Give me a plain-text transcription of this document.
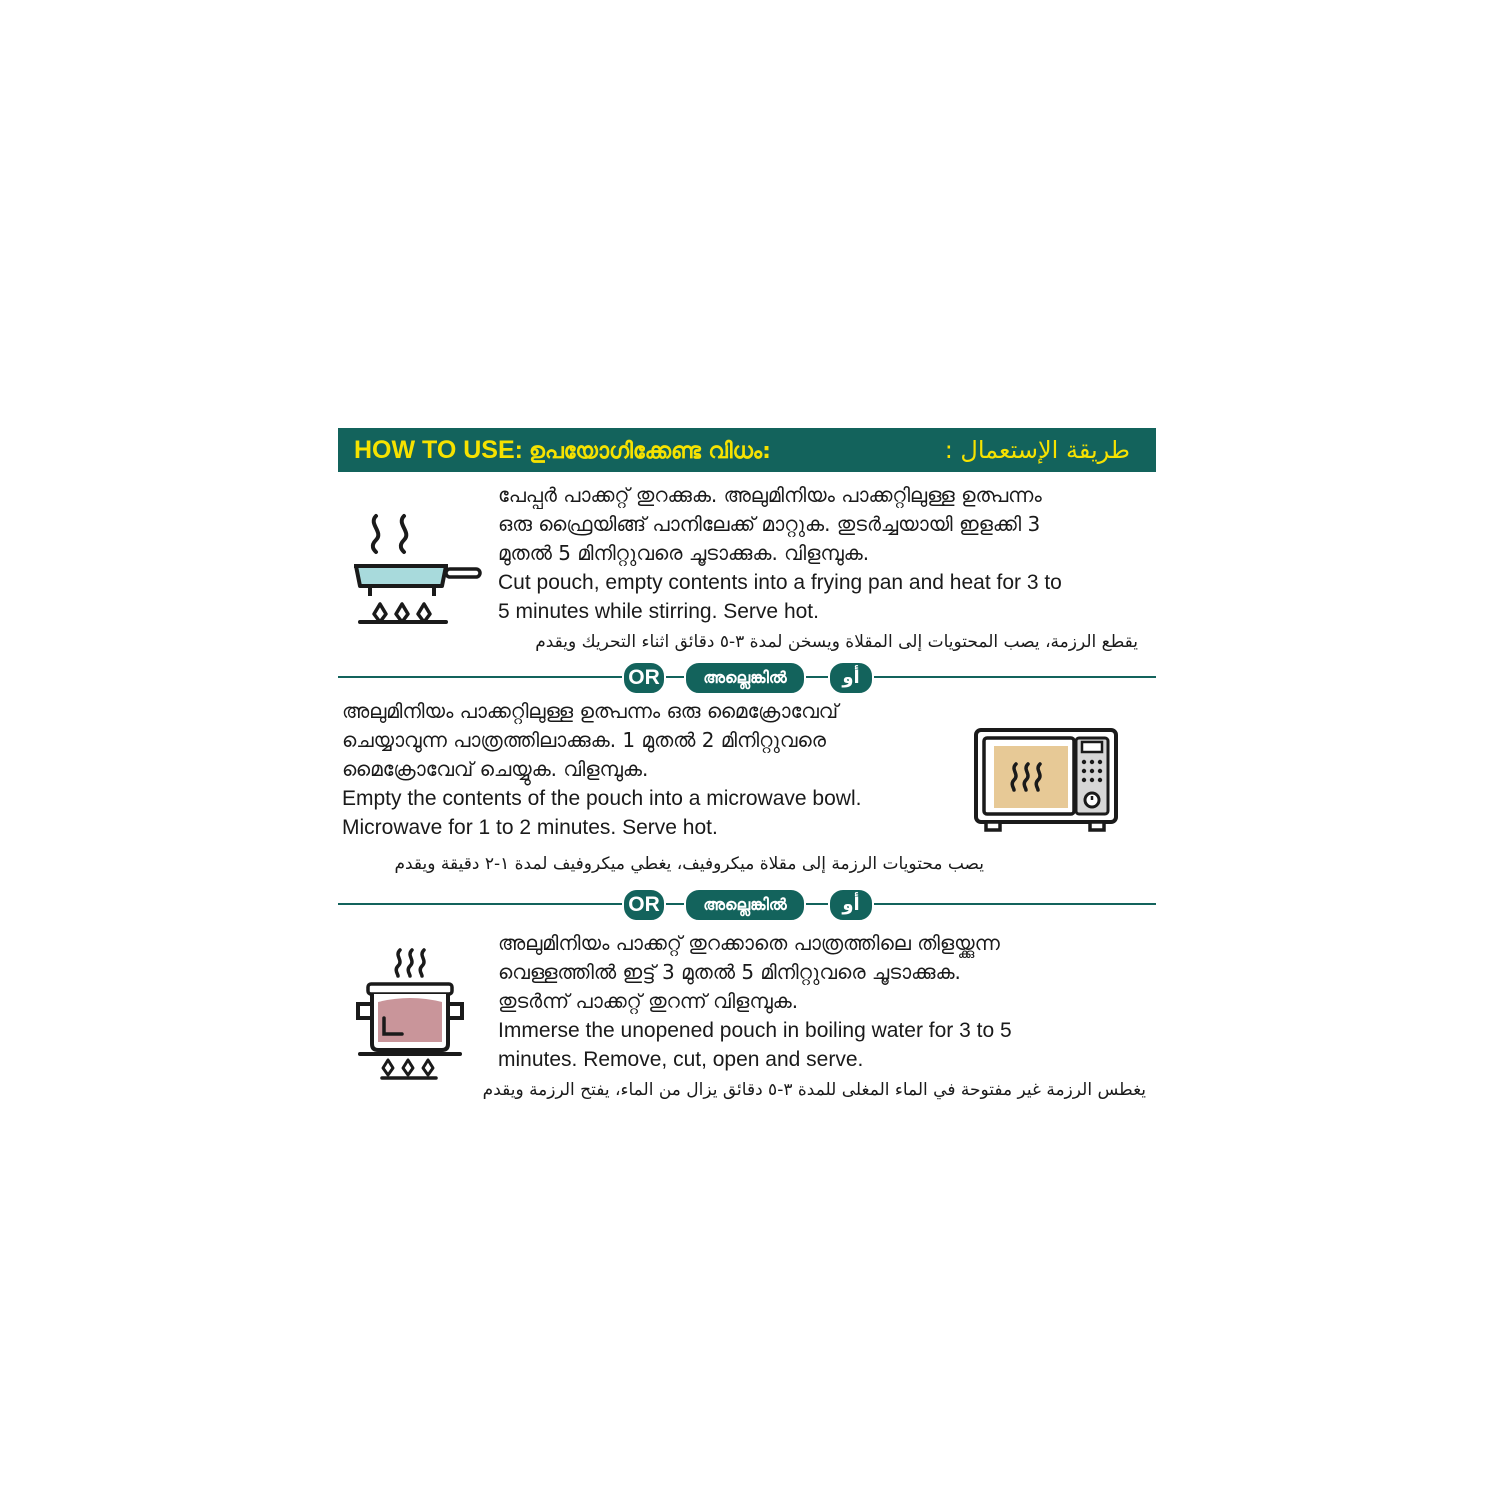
HOW TO USE: ഉപയോഗിക്കേണ്ട വിധം:	طريقة الإستعمال :
പേപ്പർ പാക്കറ്റ് തുറക്കുക. അലുമിനിയം പാക്കറ്റിലുള്ള ഉത്പന്നം
ഒരു ഫ്രൈയിങ്ങ് പാനിലേക്ക് മാറ്റുക. തുടർച്ചയായി ഇളക്കി 3
മുതൽ 5 മിനിറ്റുവരെ ചൂടാക്കുക. വിളമ്പുക.
Cut pouch, empty contents into a frying pan and heat for 3 to
5 minutes while stirring. Serve hot.
يقطع الرزمة، يصب المحتويات إلى المقلاة ويسخن لمدة ٣-٥ دقائق اثناء التحريك ويقدم
OR	അല്ലെങ്കിൽ	أو
അലുമിനിയം പാക്കറ്റിലുള്ള ഉത്പന്നം ഒരു മൈക്രോവേവ്
ചെയ്യാവുന്ന പാത്രത്തിലാക്കുക. 1 മുതൽ 2 മിനിറ്റുവരെ
മൈക്രോവേവ് ചെയ്യുക. വിളമ്പുക.
Empty the contents of the pouch into a microwave bowl.
Microwave for 1 to 2 minutes. Serve hot.
يصب محتويات الرزمة إلى مقلاة ميكروفيف، يغطي ميكروفيف لمدة ١-٢ دقيقة ويقدم
OR	അല്ലെങ്കിൽ	أو
അലുമിനിയം പാക്കറ്റ് തുറക്കാതെ പാത്രത്തിലെ തിളയ്ക്കുന്ന
വെള്ളത്തിൽ ഇട്ട് 3 മുതൽ 5 മിനിറ്റുവരെ ചൂടാക്കുക.
തുടർന്ന് പാക്കറ്റ് തുറന്ന് വിളമ്പുക.
Immerse the unopened pouch in boiling water for 3 to 5
minutes. Remove, cut, open and serve.
يغطس الرزمة غير مفتوحة في الماء المغلى للمدة ٣-٥ دقائق يزال من الماء، يفتح الرزمة ويقدم
